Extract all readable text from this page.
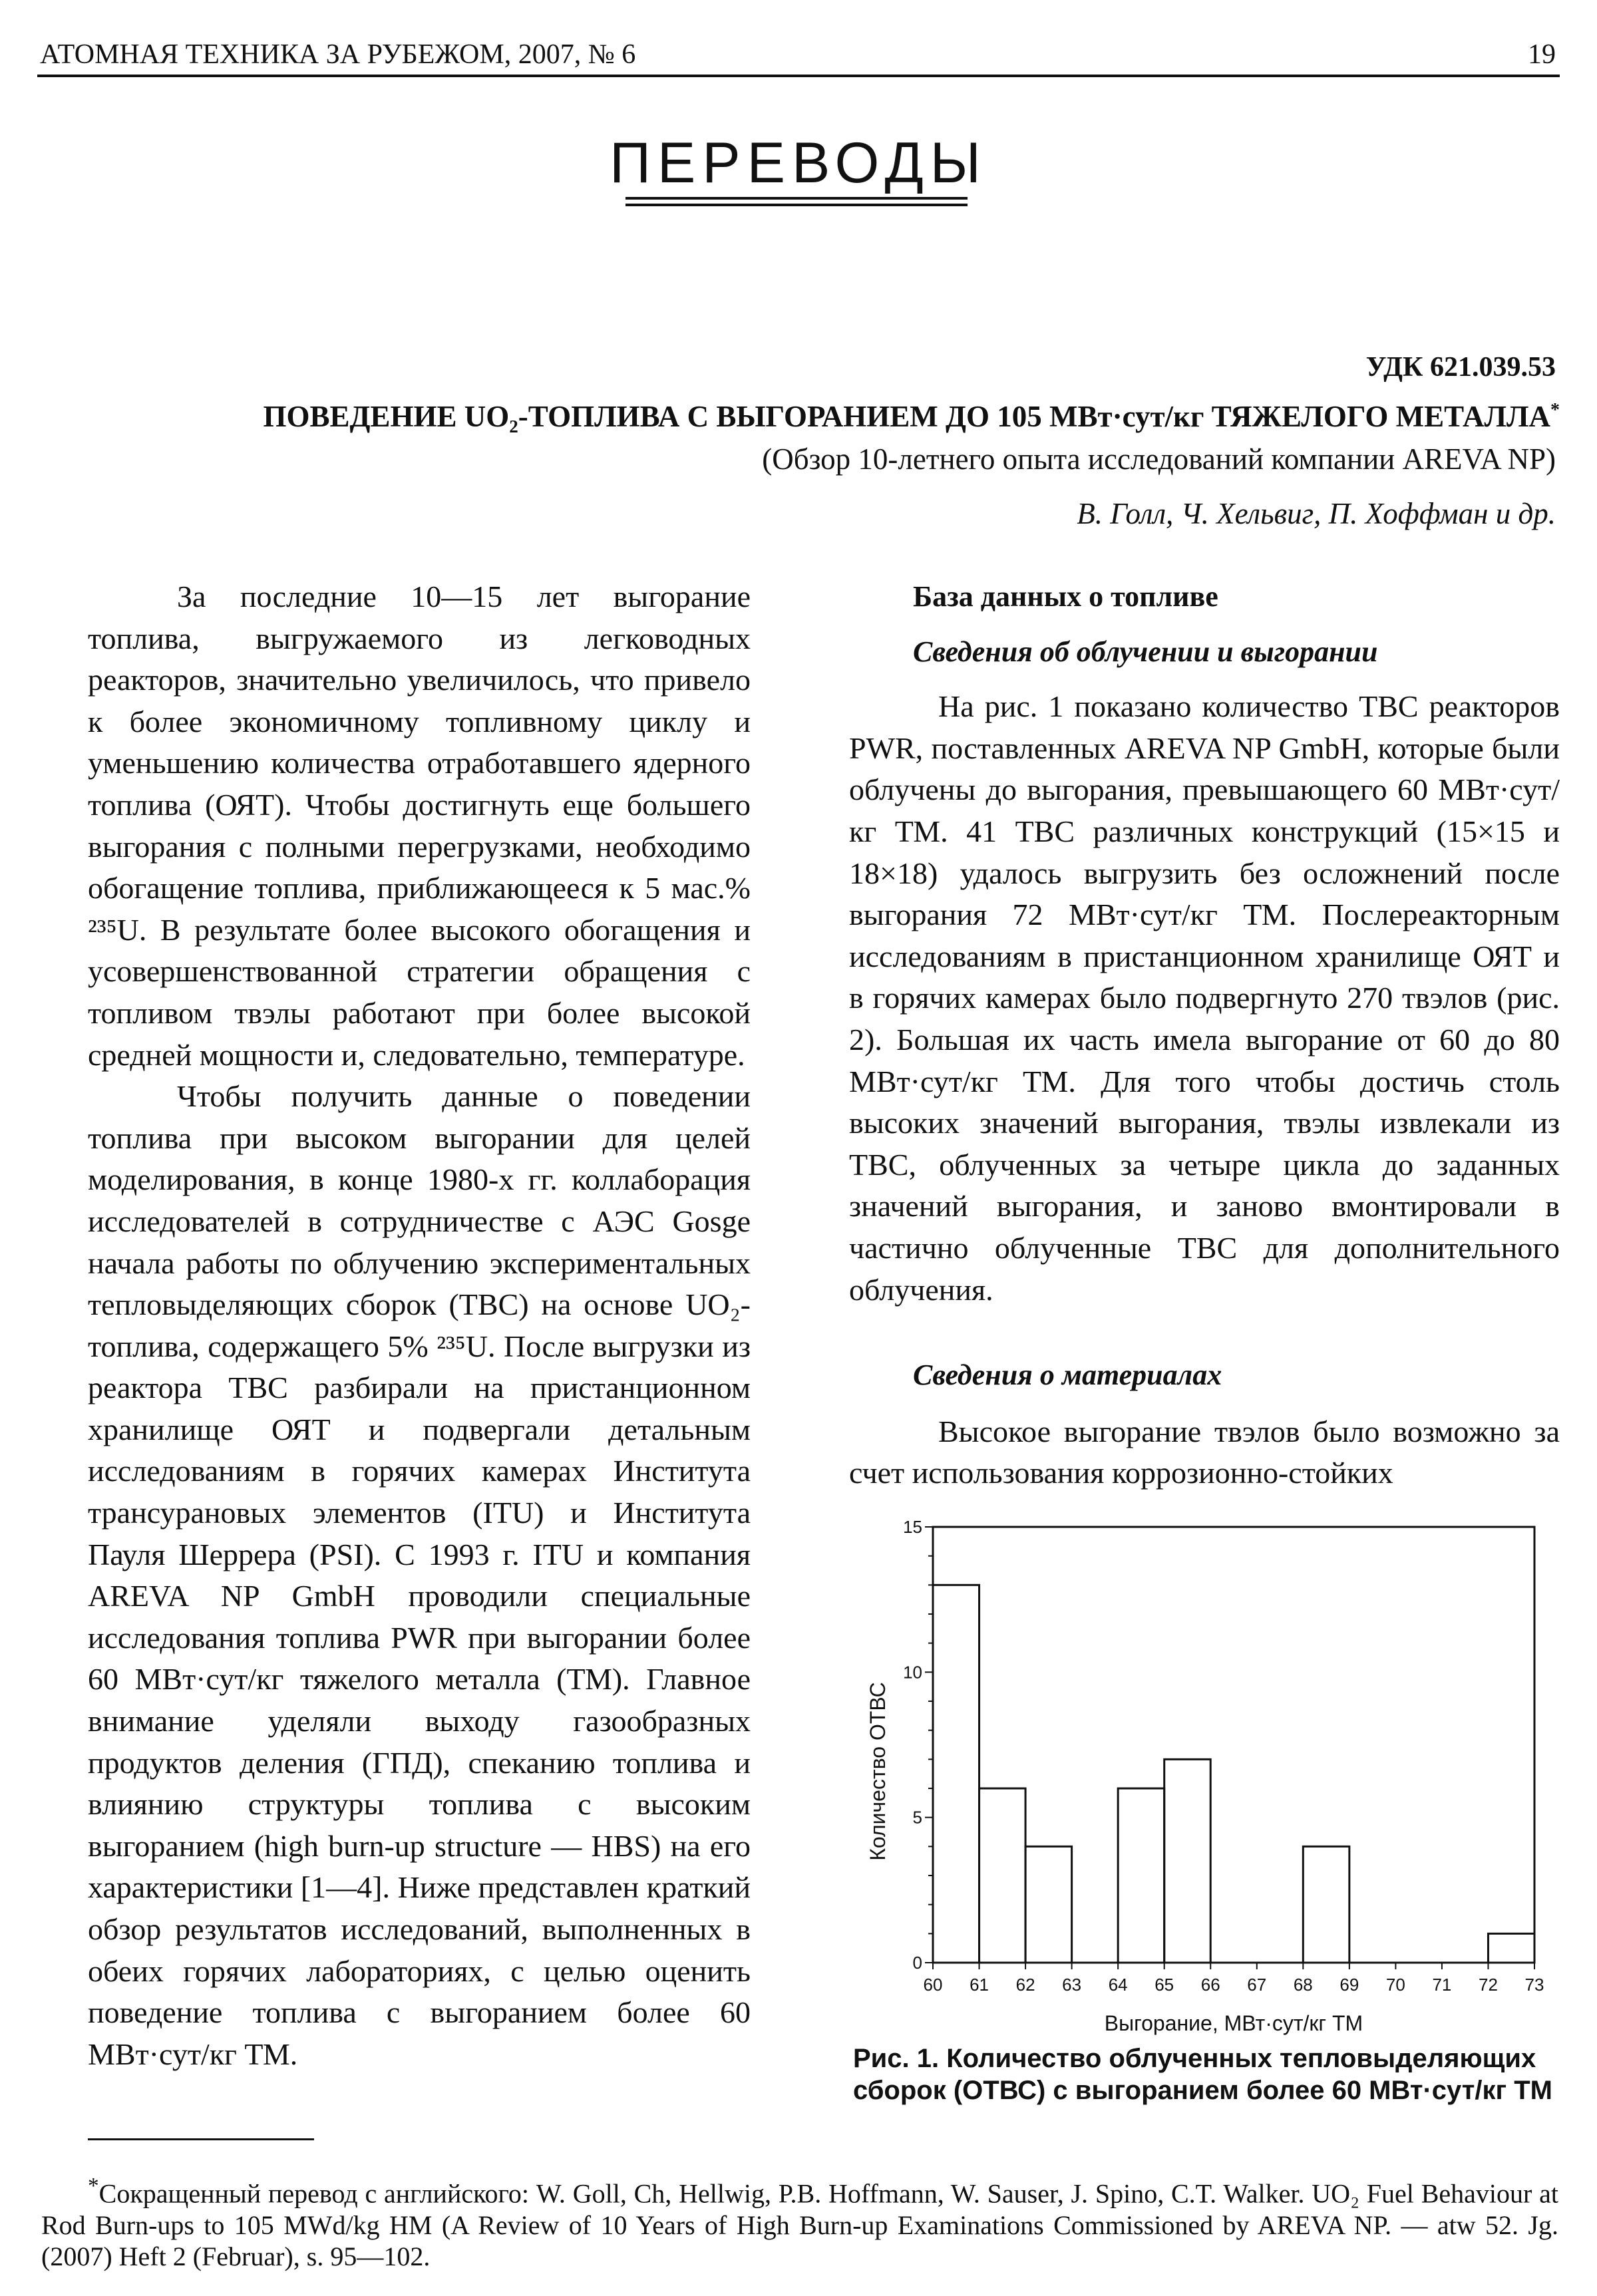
АТОМНАЯ ТЕХНИКА ЗА РУБЕЖОМ, 2007, № 6	19
ПЕРЕВОДЫ
УДК 621.039.53
ПОВЕДЕНИЕ UO₂-ТОПЛИВА С ВЫГОРАНИЕМ ДО 105 МВт·сут/кг ТЯЖЕЛОГО МЕТАЛЛА*
(Обзор 10-летнего опыта исследований компании AREVA NP)
В. Голл, Ч. Хельвиг, П. Хоффман и др.

За последние 10—15 лет выгорание топлива, выгружаемого из легководных реакторов, значительно увеличилось, что привело к более экономичному топливному циклу и уменьшению количества отработавшего ядерного топлива (ОЯТ). Чтобы достигнуть еще большего выгорания с полными перегрузками, необходимо обогащение топлива, приближающееся к 5 мас.% ²³⁵U. В результате более высокого обогащения и усовершенствованной стратегии обращения с топливом твэлы работают при более высокой средней мощности и, следовательно, температуре.

Чтобы получить данные о поведении топлива при высоком выгорании для целей моделирования, в конце 1980-х гг. коллаборация исследователей в сотрудничестве с АЭС Gosge начала работы по облучению экспериментальных тепловыделяющих сборок (ТВС) на основе UO₂-топлива, содержащего 5% ²³⁵U. После выгрузки из реактора ТВС разбирали на пристанционном хранилище ОЯТ и подвергали детальным исследованиям в горячих камерах Института трансурановых элементов (ITU) и Института Пауля Шеррера (PSI). С 1993 г. ITU и компания AREVA NP GmbH проводили специальные исследования топлива PWR при выгорании более 60 МВт·сут/кг тяжелого металла (ТМ). Главное внимание уделяли выходу газообразных продуктов деления (ГПД), спеканию топлива и влиянию структуры топлива с высоким выгоранием (high burn-up structure — HBS) на его характеристики [1—4]. Ниже представлен краткий обзор результатов исследований, выполненных в обеих горячих лабораториях, с целью оценить поведение топлива с выгоранием более 60 МВт·сут/кг ТМ.

База данных о топливе
Сведения об облучении и выгорании

На рис. 1 показано количество ТВС реакторов PWR, поставленных AREVA NP GmbH, которые были облучены до выгорания, превышающего 60 МВт·сут/кг ТМ. 41 ТВС различных конструкций (15×15 и 18×18) удалось выгрузить без осложнений после выгорания 72 МВт·сут/кг ТМ. Послереакторным исследованиям в пристанционном хранилище ОЯТ и в горячих камерах было подвергнуто 270 твэлов (рис. 2). Большая их часть имела выгорание от 60 до 80 МВт·сут/кг ТМ. Для того чтобы достичь столь высоких значений выгорания, твэлы извлекали из ТВС, облученных за четыре цикла до заданных значений выгорания, и заново вмонтировали в частично облученные ТВС для дополнительного облучения.

Сведения о материалах

Высокое выгорание твэлов было возможно за счет использования коррозионно-стойких

60 61 62 63 64 65 66 67 68 69 70 71 72 73
0
5
10
15
Выгорание, МВт·сут/кг ТМ
Количество ОТВС
Рис. 1. Количество облученных тепловыделяющих сборок (ОТВС) с выгоранием более 60 МВт·сут/кг ТМ

*Сокращенный перевод с английского: W. Goll, Ch, Hellwig, P.B. Hoffmann, W. Sauser, J. Spino, C.T. Walker. UO₂ Fuel Behaviour at Rod Burn-ups to 105 MWd/kg HM (A Review of 10 Years of High Burn-up Examinations Commissioned by AREVA NP. — atw 52. Jg. (2007) Heft 2 (Februar), s. 95—102.
